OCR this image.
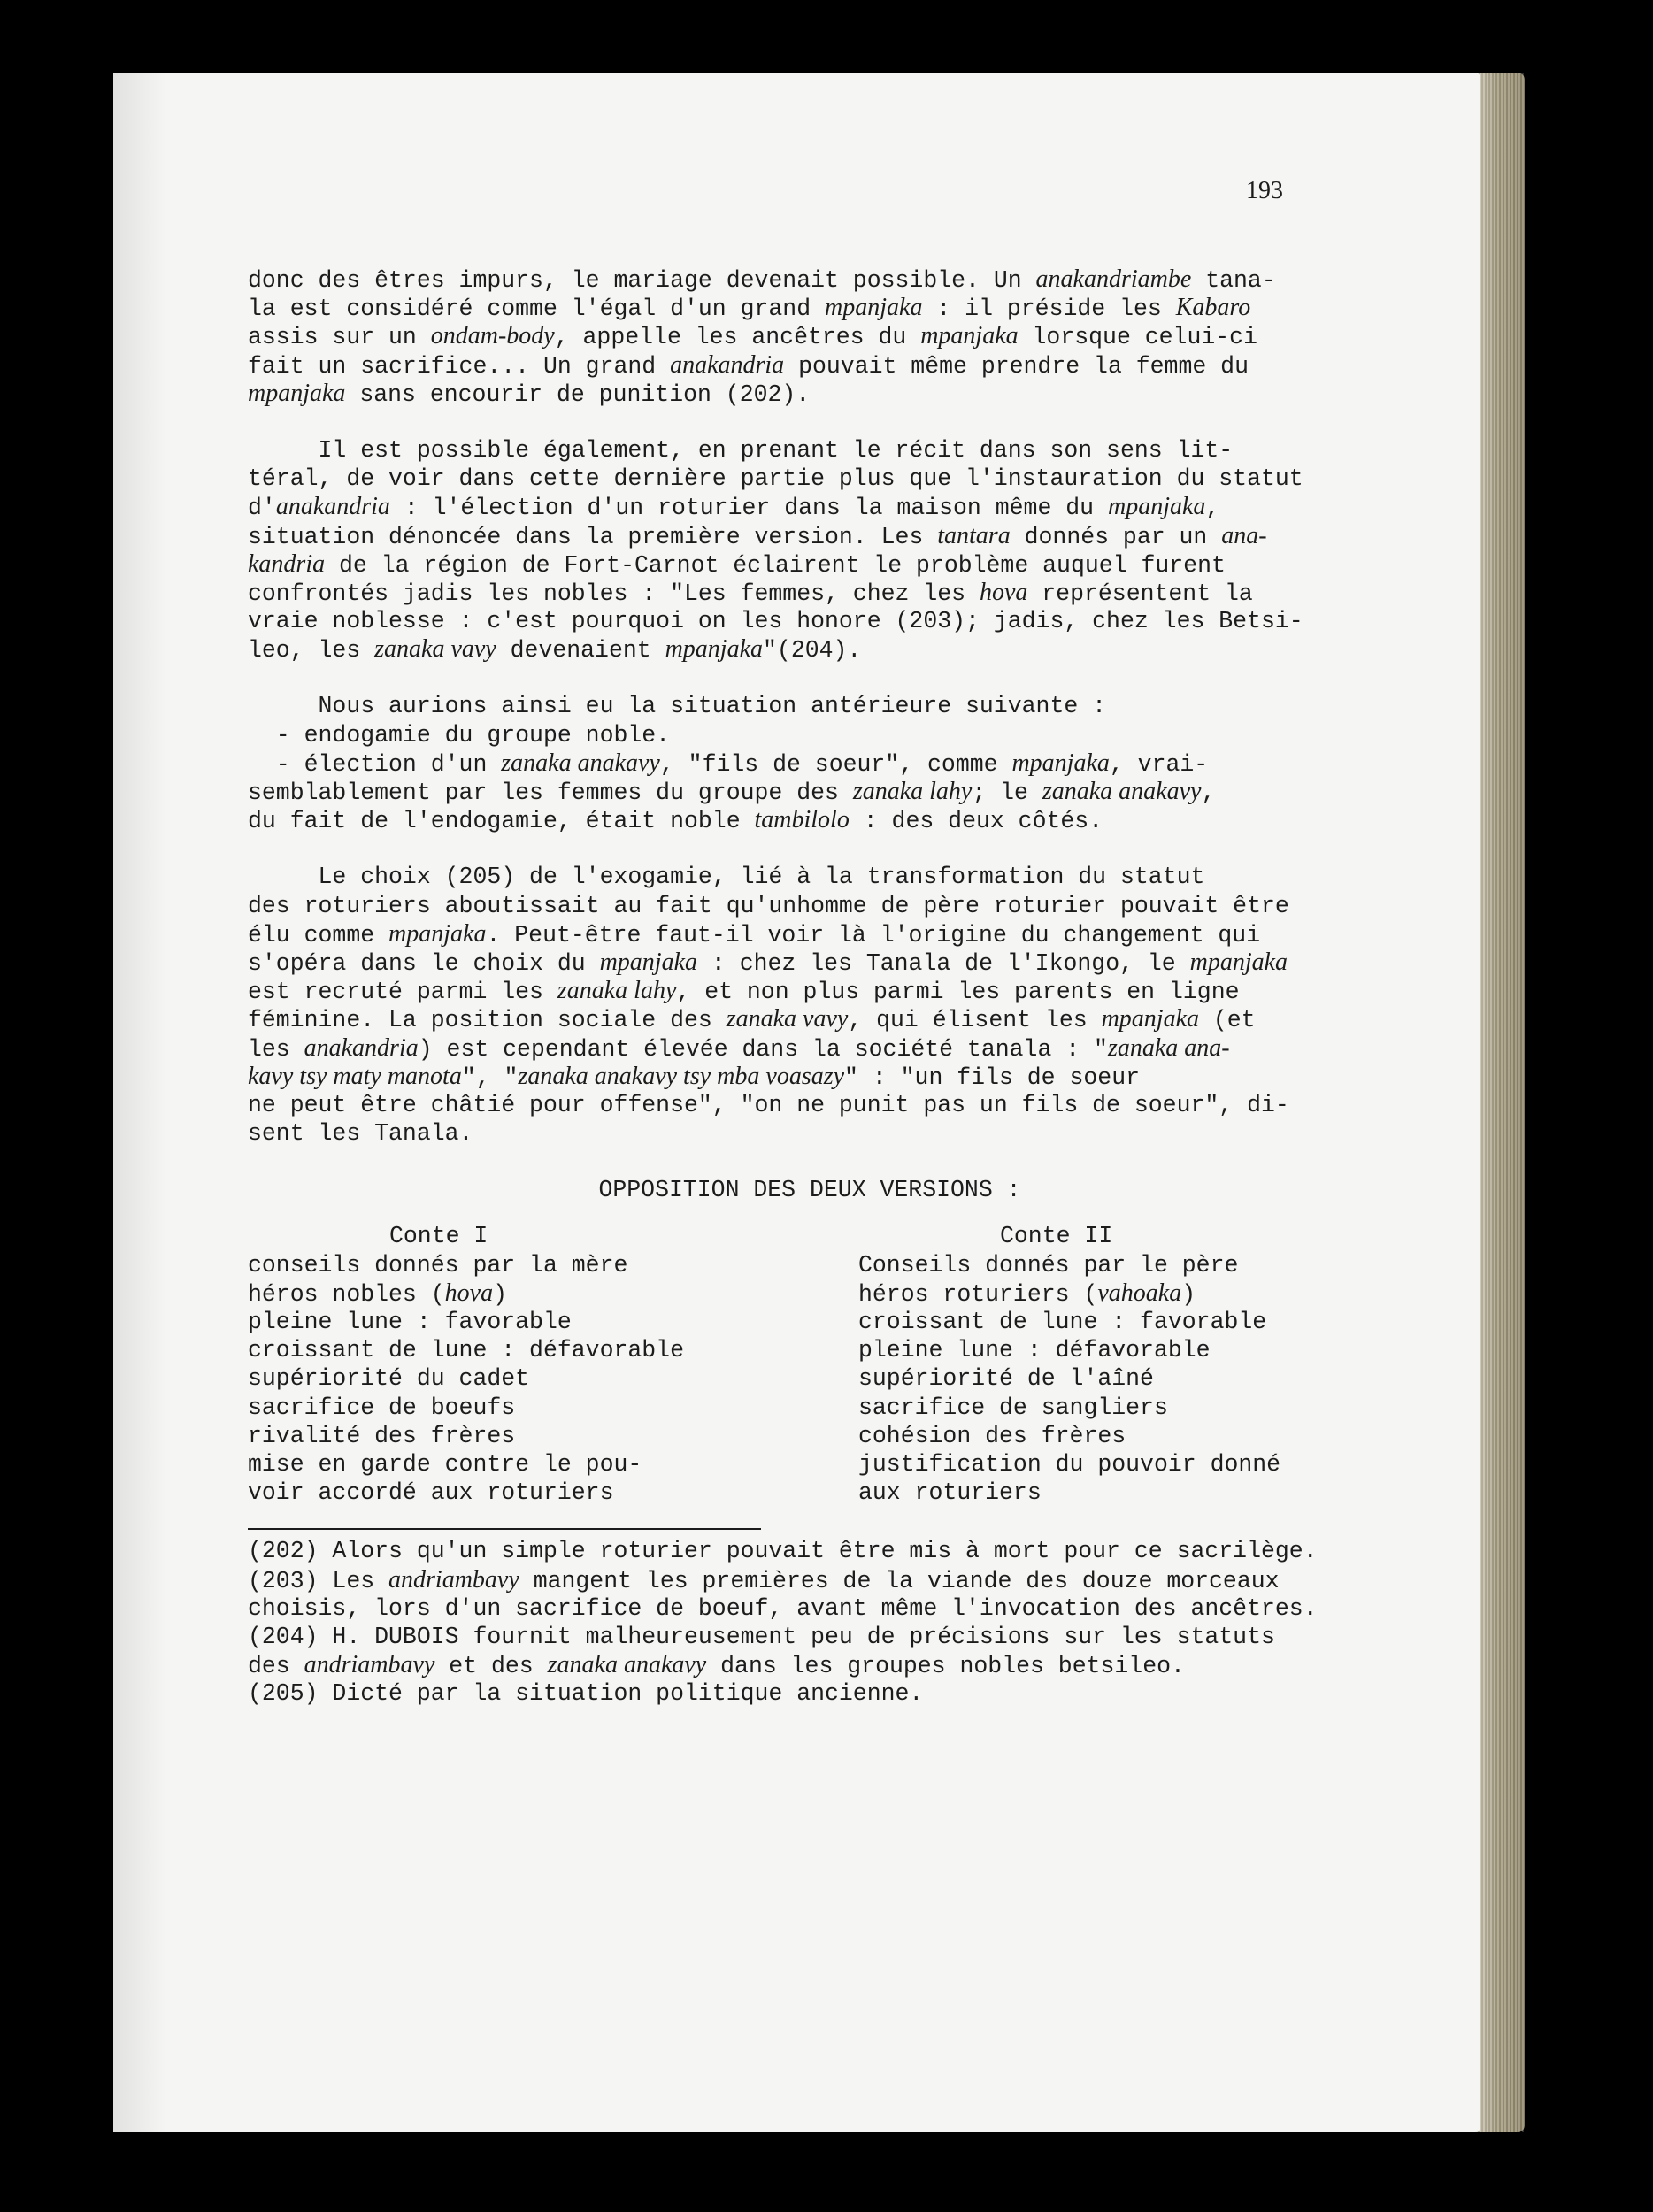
193
donc des êtres impurs, le mariage devenait possible. Un anakandriambe tana-
la est considéré comme l'égal d'un grand mpanjaka : il préside les Kabaro
assis sur un ondam-body, appelle les ancêtres du mpanjaka lorsque celui-ci
fait un sacrifice... Un grand anakandria pouvait même prendre la femme du
mpanjaka sans encourir de punition (202).
Il est possible également, en prenant le récit dans son sens lit-
téral, de voir dans cette dernière partie plus que l'instauration du statut
d'anakandria : l'élection d'un roturier dans la maison même du mpanjaka,
situation dénoncée dans la première version. Les tantara donnés par un ana-
kandria de la région de Fort-Carnot éclairent le problème auquel furent
confrontés jadis les nobles : "Les femmes, chez les hova représentent la
vraie noblesse : c'est pourquoi on les honore (203); jadis, chez les Betsi-
leo, les zanaka vavy devenaient mpanjaka"(204).
Nous aurions ainsi eu la situation antérieure suivante :
- endogamie du groupe noble.
- élection d'un zanaka anakavy, "fils de soeur", comme mpanjaka, vrai-
semblablement par les femmes du groupe des zanaka lahy; le zanaka anakavy,
du fait de l'endogamie, était noble tambilolo : des deux côtés.
Le choix (205) de l'exogamie, lié à la transformation du statut
des roturiers aboutissait au fait qu'unhomme de père roturier pouvait être
élu comme mpanjaka. Peut-être faut-il voir là l'origine du changement qui
s'opéra dans le choix du mpanjaka : chez les Tanala de l'Ikongo, le mpanjaka
est recruté parmi les zanaka lahy, et non plus parmi les parents en ligne
féminine. La position sociale des zanaka vavy, qui élisent les mpanjaka (et
les anakandria) est cependant élevée dans la société tanala : "zanaka ana-
kavy tsy maty manota", "zanaka anakavy tsy mba voasazy" : "un fils de soeur
ne peut être châtié pour offense", "on ne punit pas un fils de soeur", di-
sent les Tanala.
OPPOSITION DES DEUX VERSIONS :
Conte I
conseils donnés par la mère
héros nobles (hova)
pleine lune : favorable
croissant de lune : défavorable
supériorité du cadet
sacrifice de boeufs
rivalité des frères
mise en garde contre le pou-
voir accordé aux roturiers
Conte II
Conseils donnés par le père
héros roturiers (vahoaka)
croissant de lune : favorable
pleine lune : défavorable
supériorité de l'aîné
sacrifice de sangliers
cohésion des frères
justification du pouvoir donné
aux roturiers
(202) Alors qu'un simple roturier pouvait être mis à mort pour ce sacrilège.
(203) Les andriambavy mangent les premières de la viande des douze morceaux
choisis, lors d'un sacrifice de boeuf, avant même l'invocation des ancêtres.
(204) H. DUBOIS fournit malheureusement peu de précisions sur les statuts
des andriambavy et des zanaka anakavy dans les groupes nobles betsileo.
(205) Dicté par la situation politique ancienne.
